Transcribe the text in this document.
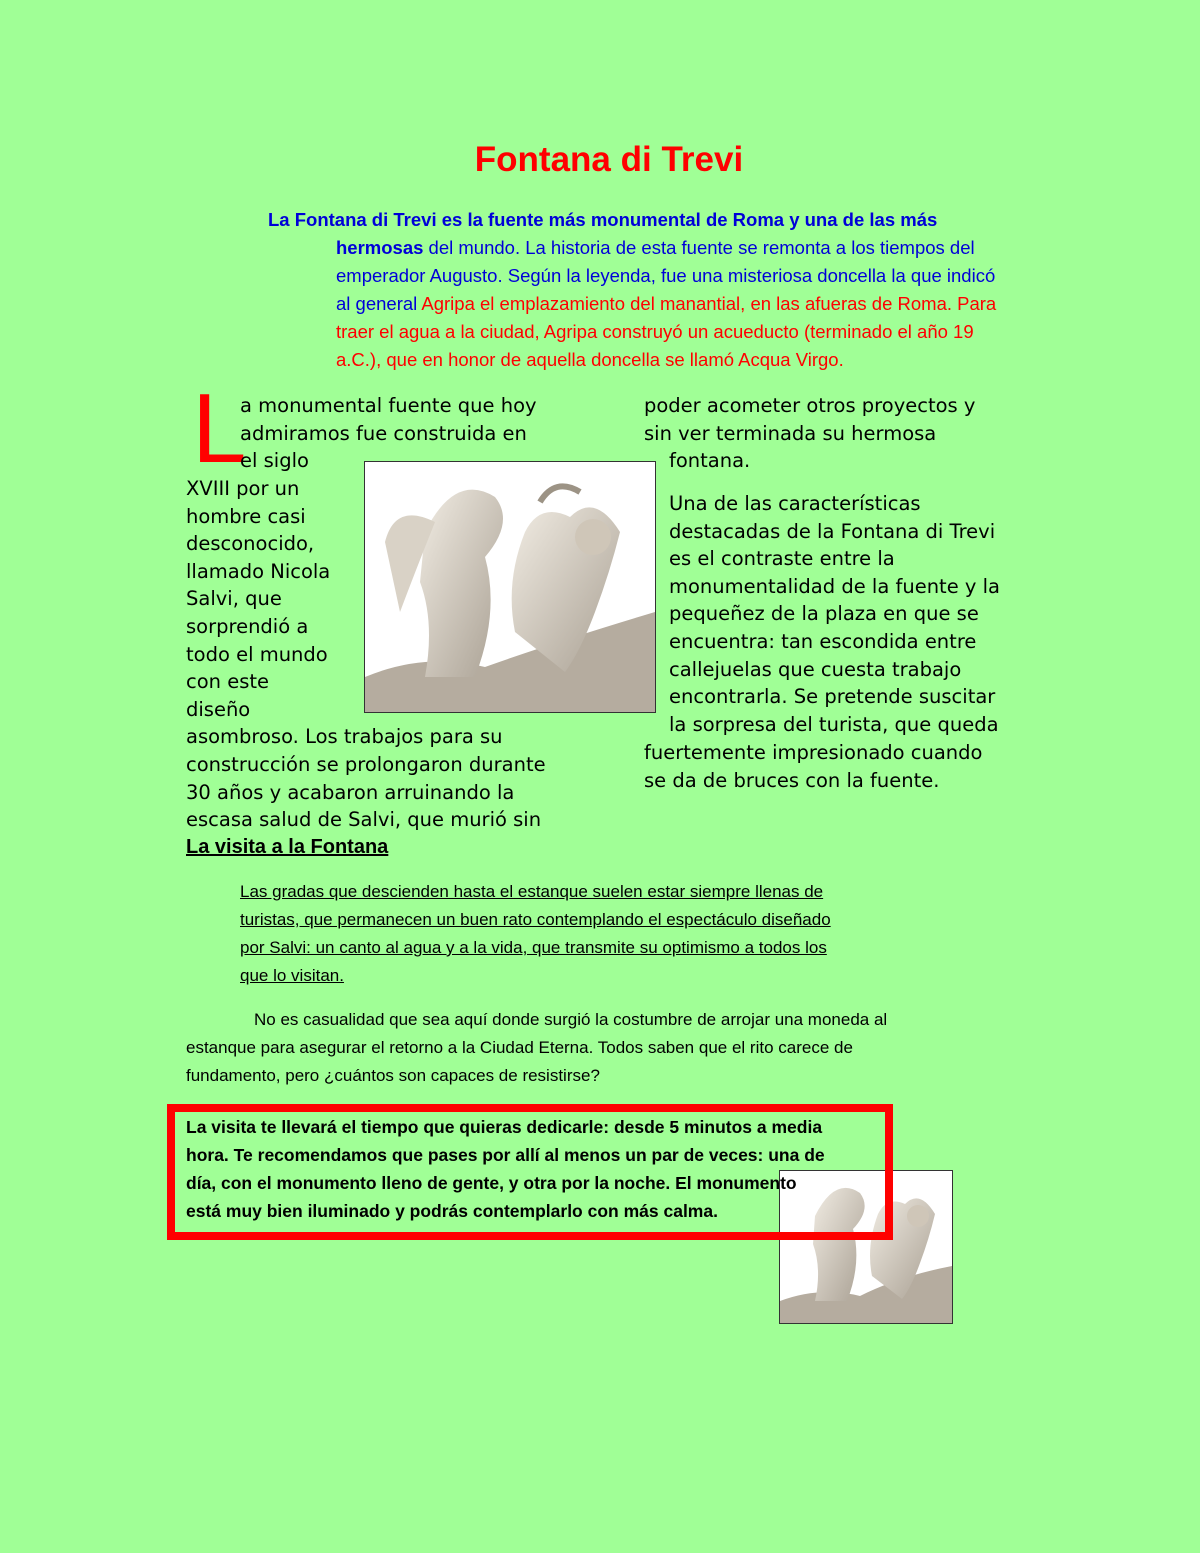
Fontana di Trevi
La Fontana di Trevi es la fuente más monumental de Roma y una de las más
hermosas del mundo. La historia de esta fuente se remonta a los tiempos del
emperador Augusto. Según la leyenda, fue una misteriosa doncella la que indicó
al general Agripa el emplazamiento del manantial, en las afueras de Roma. Para
traer el agua a la ciudad, Agripa construyó un acueducto (terminado el año 19
a.C.), que en honor de aquella doncella se llamó Acqua Virgo.
L
a monumental fuente que hoy
admiramos fue construida en
el siglo
XVIII por un
hombre casi
desconocido,
llamado Nicola
Salvi, que
sorprendió a
todo el mundo
con este
diseño
asombroso. Los trabajos para su
construcción se prolongaron durante
30 años y acabaron arruinando la
escasa salud de Salvi, que murió sin
poder acometer otros proyectos y
sin ver terminada su hermosa
fontana.
Una de las características
destacadas de la Fontana di Trevi
es el contraste entre la
monumentalidad de la fuente y la
pequeñez de la plaza en que se
encuentra: tan escondida entre
callejuelas que cuesta trabajo
encontrarla. Se pretende suscitar
la sorpresa del turista, que queda
fuertemente impresionado cuando
se da de bruces con la fuente.
La visita a la Fontana
Las gradas que descienden hasta el estanque suelen estar siempre llenas de
turistas, que permanecen un buen rato contemplando el espectáculo diseñado
por Salvi: un canto al agua y a la vida, que transmite su optimismo a todos los
que lo visitan.
No es casualidad que sea aquí donde surgió la costumbre de arrojar una moneda al
estanque para asegurar el retorno a la Ciudad Eterna. Todos saben que el rito carece de
fundamento, pero ¿cuántos son capaces de resistirse?
La visita te llevará el tiempo que quieras dedicarle: desde 5 minutos a media
hora. Te recomendamos que pases por allí al menos un par de veces: una de
día, con el monumento lleno de gente, y otra por la noche. El monumento
está muy bien iluminado y podrás contemplarlo con más calma.
